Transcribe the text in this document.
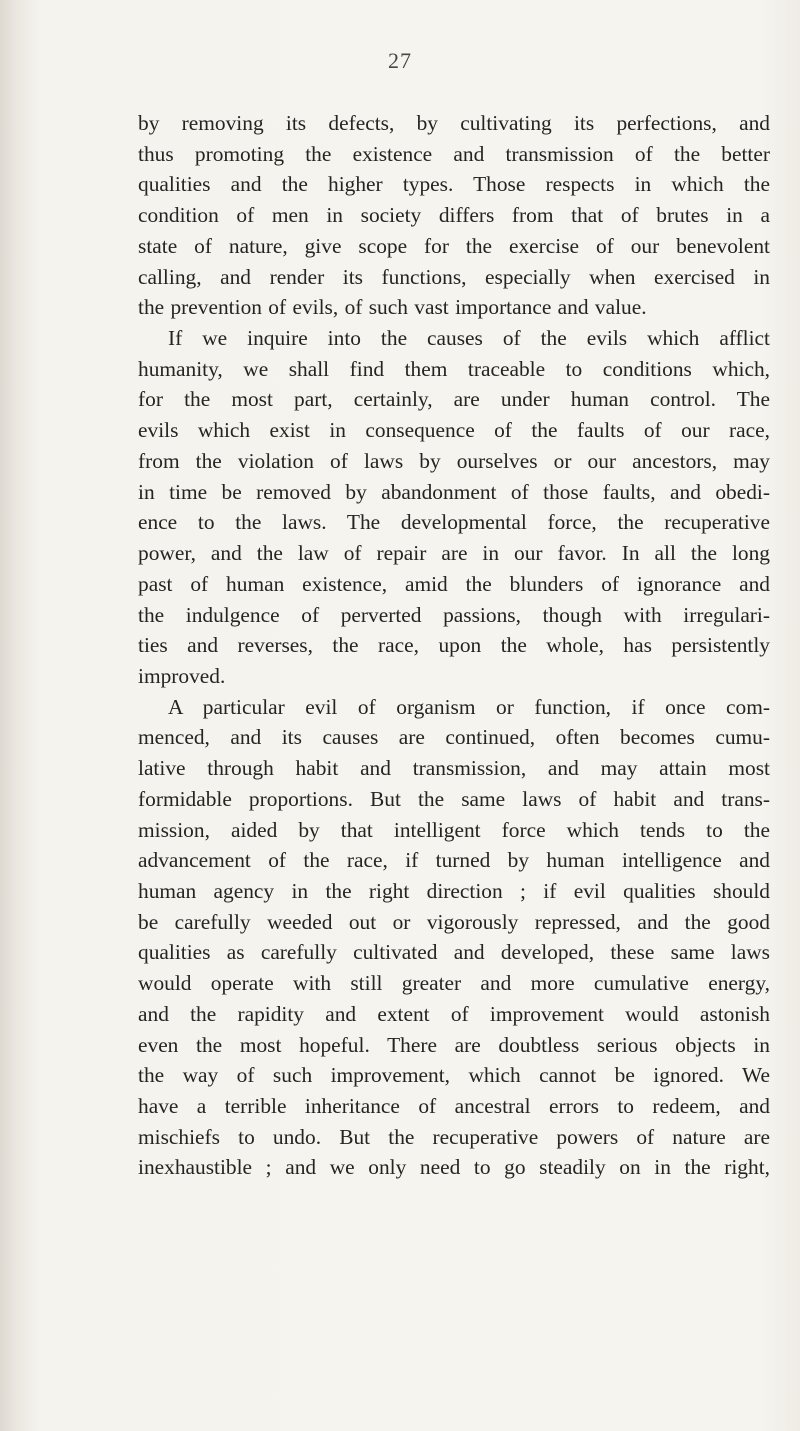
27
by removing its defects, by cultivating its perfections, and
thus promoting the existence and transmission of the better
qualities and the higher types. Those respects in which the
condition of men in society differs from that of brutes in a
state of nature, give scope for the exercise of our benevolent
calling, and render its functions, especially when exercised in
the prevention of evils, of such vast importance and value.
If we inquire into the causes of the evils which afflict
humanity, we shall find them traceable to conditions which,
for the most part, certainly, are under human control. The
evils which exist in consequence of the faults of our race,
from the violation of laws by ourselves or our ancestors, may
in time be removed by abandonment of those faults, and obedi-
ence to the laws. The developmental force, the recuperative
power, and the law of repair are in our favor. In all the long
past of human existence, amid the blunders of ignorance and
the indulgence of perverted passions, though with irregulari-
ties and reverses, the race, upon the whole, has persistently
improved.
A particular evil of organism or function, if once com-
menced, and its causes are continued, often becomes cumu-
lative through habit and transmission, and may attain most
formidable proportions. But the same laws of habit and trans-
mission, aided by that intelligent force which tends to the
advancement of the race, if turned by human intelligence and
human agency in the right direction ; if evil qualities should
be carefully weeded out or vigorously repressed, and the good
qualities as carefully cultivated and developed, these same laws
would operate with still greater and more cumulative energy,
and the rapidity and extent of improvement would astonish
even the most hopeful. There are doubtless serious objects in
the way of such improvement, which cannot be ignored. We
have a terrible inheritance of ancestral errors to redeem, and
mischiefs to undo. But the recuperative powers of nature are
inexhaustible ; and we only need to go steadily on in the right,
